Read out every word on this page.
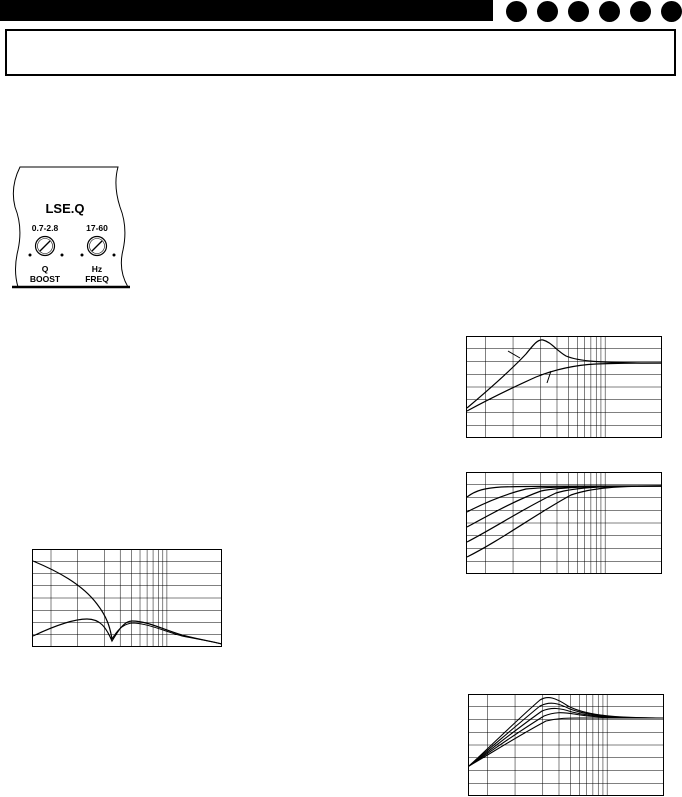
LSE.Q
0.7-2.8	17-60
Q
BOOST
Hz
FREQ
